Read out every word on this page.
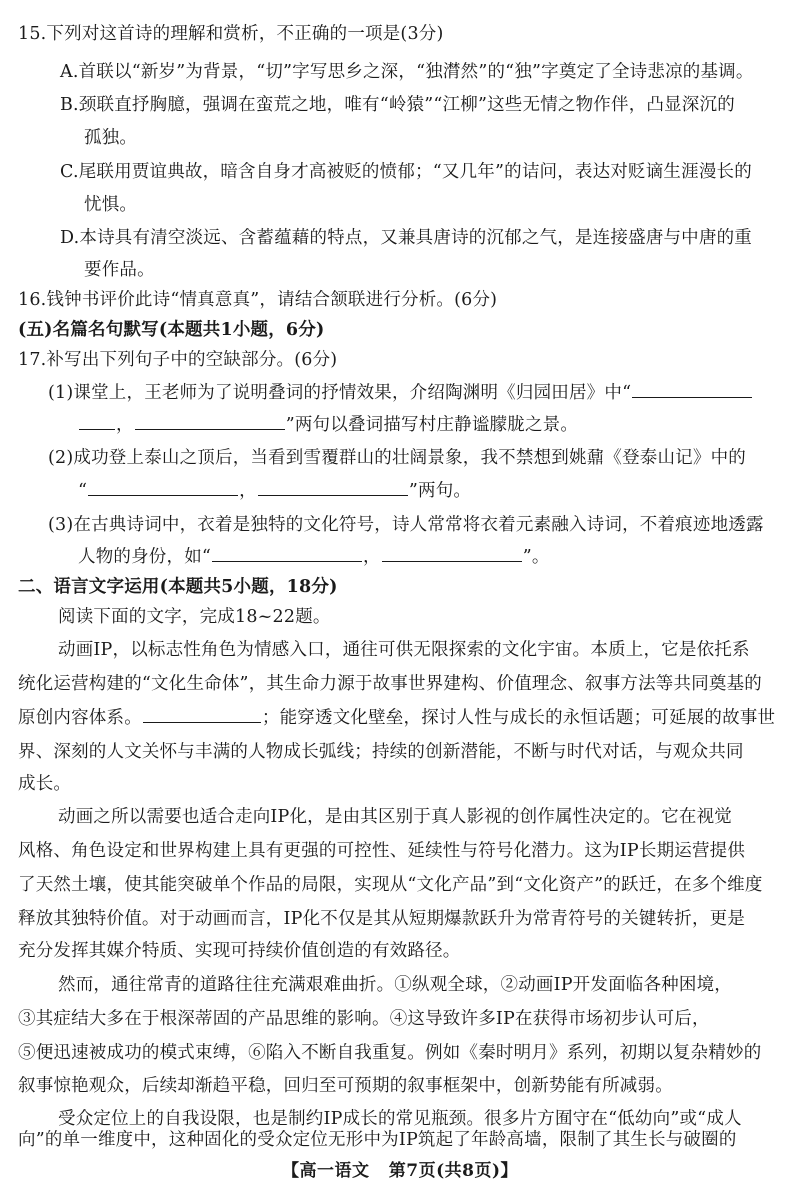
15.下列对这首诗的理解和赏析，不正确的一项是(3分)
A.首联以“新岁”为背景，“切”字写思乡之深，“独潸然”的“独”字奠定了全诗悲凉的基调。
B.颈联直抒胸臆，强调在蛮荒之地，唯有“岭猿”“江柳”这些无情之物作伴，凸显深沉的
孤独。
C.尾联用贾谊典故，暗含自身才高被贬的愤郁；“又几年”的诘问，表达对贬谪生涯漫长的
忧惧。
D.本诗具有清空淡远、含蓄蕴藉的特点，又兼具唐诗的沉郁之气，是连接盛唐与中唐的重
要作品。
16.钱钟书评价此诗“情真意真”，请结合颔联进行分析。(6分)
(五)名篇名句默写(本题共1小题，6分)
17.补写出下列句子中的空缺部分。(6分)
(1)课堂上，王老师为了说明叠词的抒情效果，介绍陶渊明《归园田居》中“
，	”两句以叠词描写村庄静谧朦胧之景。
(2)成功登上泰山之顶后，当看到雪覆群山的壮阔景象，我不禁想到姚鼐《登泰山记》中的
“	，	”两句。
(3)在古典诗词中，衣着是独特的文化符号，诗人常常将衣着元素融入诗词，不着痕迹地透露
人物的身份，如“	，	”。
二、语言文字运用(本题共5小题，18分)
阅读下面的文字，完成18~22题。
动画IP，以标志性角色为情感入口，通往可供无限探索的文化宇宙。本质上，它是依托系
统化运营构建的“文化生命体”，其生命力源于故事世界建构、价值理念、叙事方法等共同奠基的
原创内容体系。	；能穿透文化壁垒，探讨人性与成长的永恒话题；可延展的故事世
界、深刻的人文关怀与丰满的人物成长弧线；持续的创新潜能，不断与时代对话，与观众共同
成长。
动画之所以需要也适合走向IP化，是由其区别于真人影视的创作属性决定的。它在视觉
风格、角色设定和世界构建上具有更强的可控性、延续性与符号化潜力。这为IP长期运营提供
了天然土壤，使其能突破单个作品的局限，实现从“文化产品”到“文化资产”的跃迁，在多个维度
释放其独特价值。对于动画而言，IP化不仅是其从短期爆款跃升为常青符号的关键转折，更是
充分发挥其媒介特质、实现可持续价值创造的有效路径。
然而，通往常青的道路往往充满艰难曲折。①纵观全球，②动画IP开发面临各种困境，
③其症结大多在于根深蒂固的产品思维的影响。④这导致许多IP在获得市场初步认可后，
⑤便迅速被成功的模式束缚，⑥陷入不断自我重复。例如《秦时明月》系列，初期以复杂精妙的
叙事惊艳观众，后续却渐趋平稳，回归至可预期的叙事框架中，创新势能有所减弱。
受众定位上的自我设限，也是制约IP成长的常见瓶颈。很多片方囿守在“低幼向”或“成人
向”的单一维度中，这种固化的受众定位无形中为IP筑起了年龄高墙，限制了其生长与破圈的
【高一语文 第7页(共8页)】
